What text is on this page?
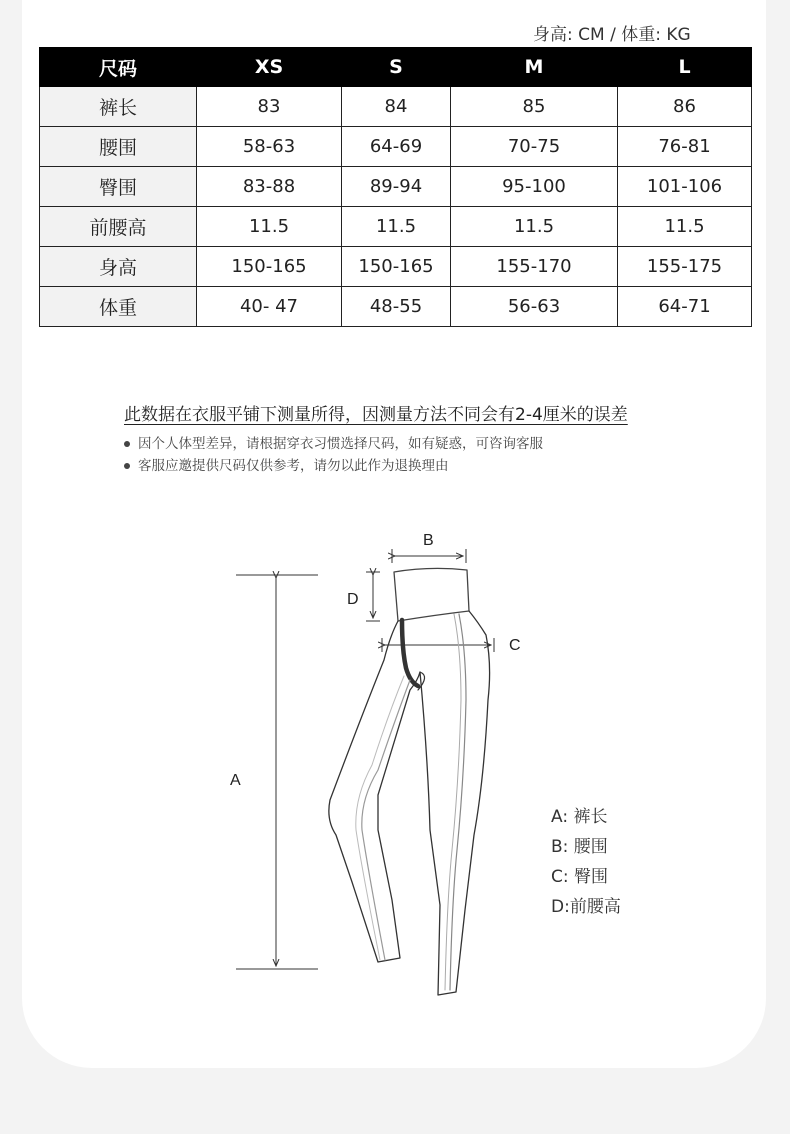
身高: CM / 体重: KG
尺码	XS	S	M	L
裤长	83	84	85	86
腰围	58-63	64-69	70-75	76-81
臀围	83-88	89-94	95-100	101-106
前腰高	11.5	11.5	11.5	11.5
身高	150-165	150-165	155-170	155-175
体重	40- 47	48-55	56-63	64-71
此数据在衣服平铺下测量所得，因测量方法不同会有2-4厘米的误差
因个人体型差异，请根据穿衣习惯选择尺码，如有疑惑，可咨询客服
客服应邀提供尺码仅供参考，请勿以此作为退换理由
A
B
D
C
A: 裤长
B: 腰围
C: 臀围
D:前腰高
